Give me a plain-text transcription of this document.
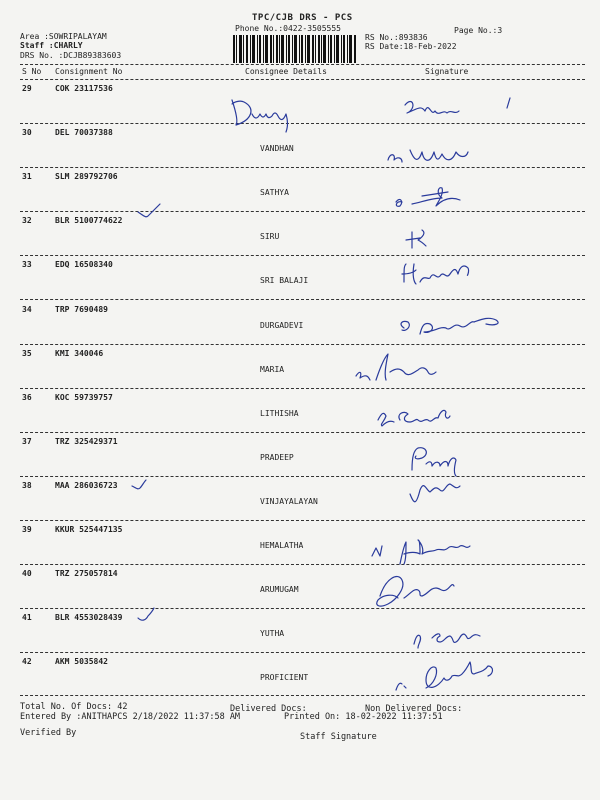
TPC/CJB DRS - PCS
Phone No.:0422-3505555	Page No.:3
Area :SOWRIPALAYAM
Staff :CHARLY
DRS No. :DCJB89383603
RS No.:893836
RS Date:18-Feb-2022
S No Consignment No	Consignee Details	Signature
29	COK 23117536
30	DEL 70037388
VANDHAN
31	SLM 289792706
SATHYA
32	BLR 5100774622
SIRU
33	EDQ 16508340
SRI BALAJI
34	TRP 7690489
DURGADEVI
35	KMI 340046
MARIA
36	KOC 59739757
LITHISHA
37	TRZ 325429371
PRADEEP
38	MAA 286036723
VINJAYALAYAN
39	KKUR 525447135
HEMALATHA
40	TRZ 275057814
ARUMUGAM
41	BLR 4553028439
YUTHA
42	AKM 5035842
PROFICIENT
Total No. Of Docs: 42	Delivered Docs:	Non Delivered Docs:
Entered By :ANITHAPCS 2/18/2022 11:37:58 AM	Printed On: 18-02-2022 11:37:51
Verified By	Staff Signature
